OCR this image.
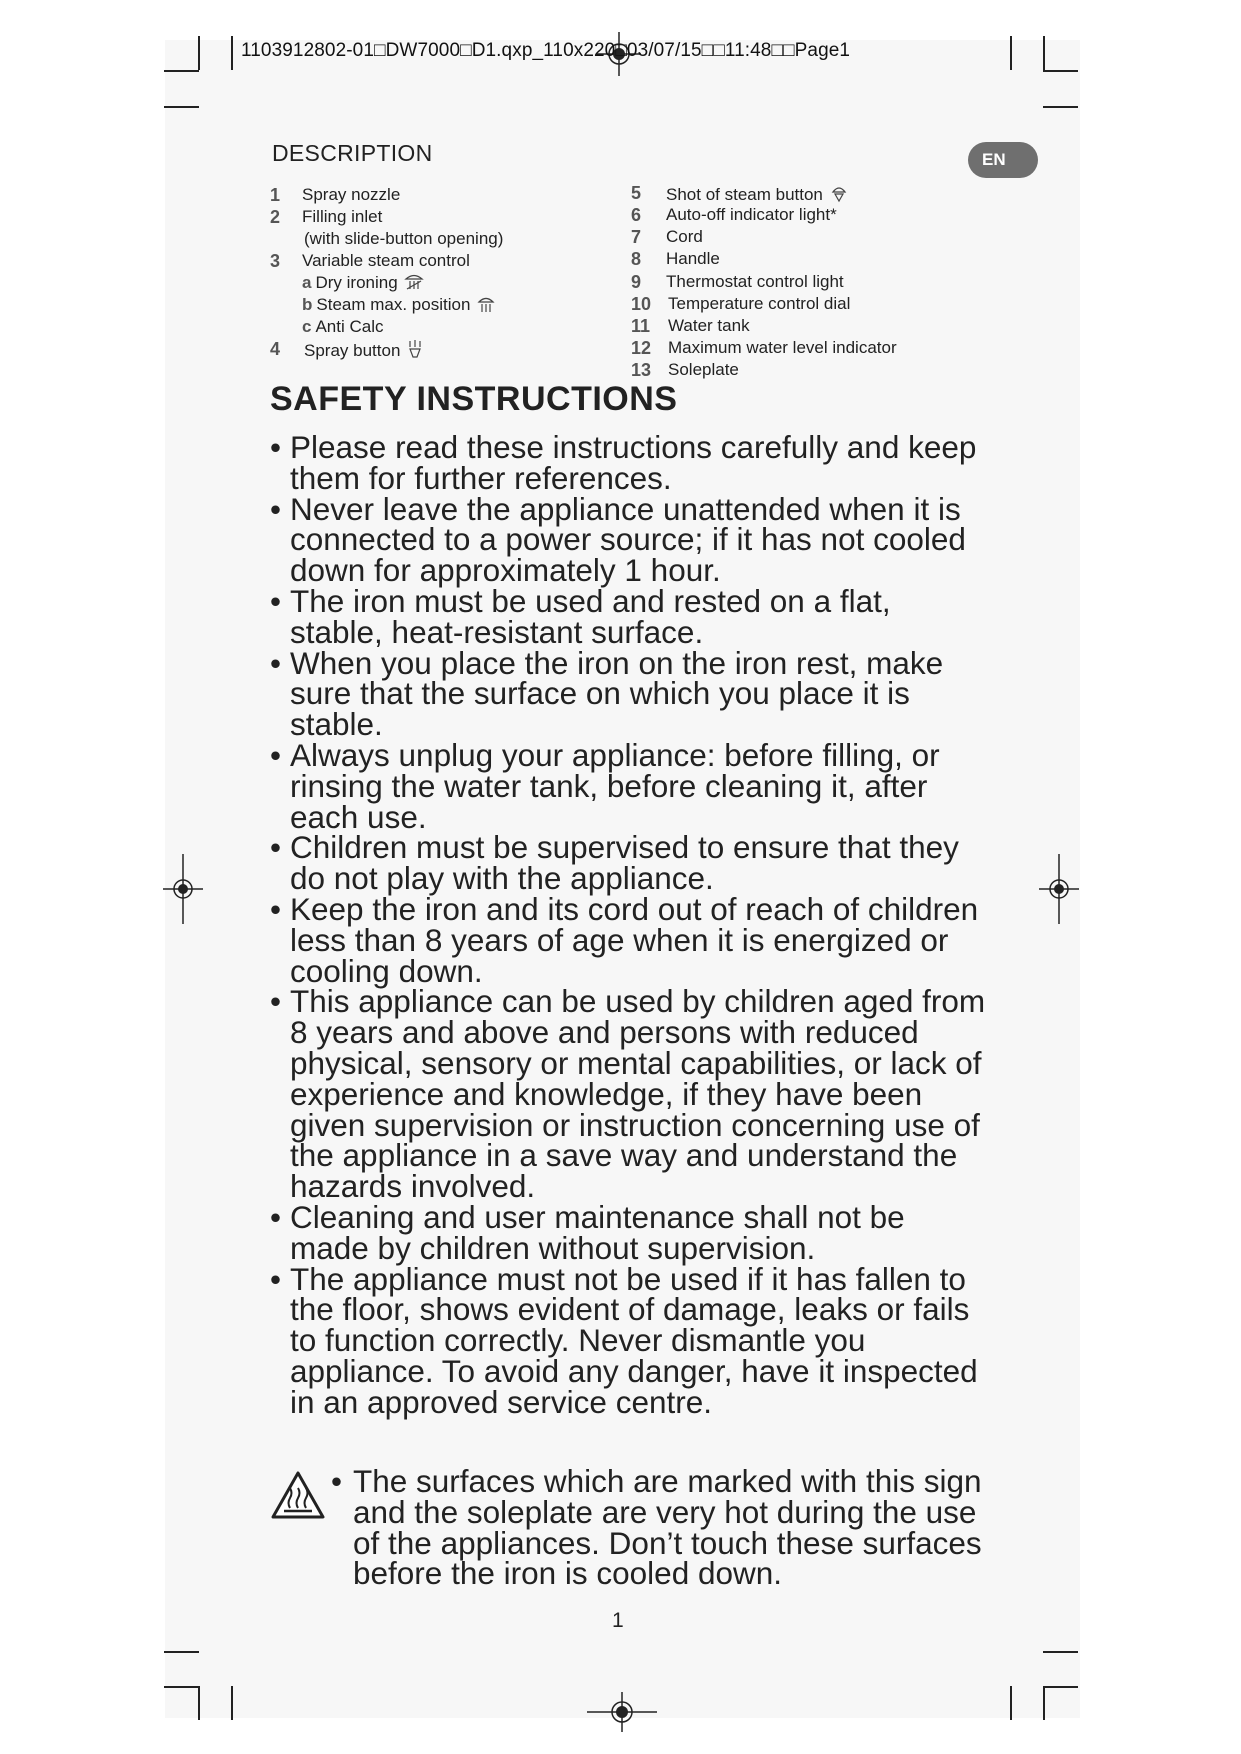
1103912802-01□DW7000□D1.qxp_110x220□03/07/15□□11:48□□Page1
EN
DESCRIPTION
1 Spray nozzle
2 Filling inlet
(with slide-button opening)
3 Variable steam control
a Dry ironing
b Steam max. position
c Anti Calc
4 Spray button
5 Shot of steam button
6 Auto-off indicator light*
7 Cord
8 Handle
9 Thermostat control light
10 Temperature control dial
11 Water tank
12 Maximum water level indicator
13 Soleplate
SAFETY INSTRUCTIONS
• Please read these instructions carefully and keep them for further references.
• Never leave the appliance unattended when it is connected to a power source; if it has not cooled down for approximately 1 hour.
• The iron must be used and rested on a flat, stable, heat-resistant surface.
• When you place the iron on the iron rest, make sure that the surface on which you place it is stable.
• Always unplug your appliance: before filling, or rinsing the water tank, before cleaning it, after each use.
• Children must be supervised to ensure that they do not play with the appliance.
• Keep the iron and its cord out of reach of children less than 8 years of age when it is energized or cooling down.
• This appliance can be used by children aged from 8 years and above and persons with reduced physical, sensory or mental capabilities, or lack of experience and knowledge, if they have been given supervision or instruction concerning use of the appliance in a save way and understand the hazards involved.
• Cleaning and user maintenance shall not be made by children without supervision.
• The appliance must not be used if it has fallen to the floor, shows evident of damage, leaks or fails to function correctly. Never dismantle you appliance. To avoid any danger, have it inspected in an approved service centre.
• The surfaces which are marked with this sign and the soleplate are very hot during the use of the appliances. Don’t touch these surfaces before the iron is cooled down.
1
